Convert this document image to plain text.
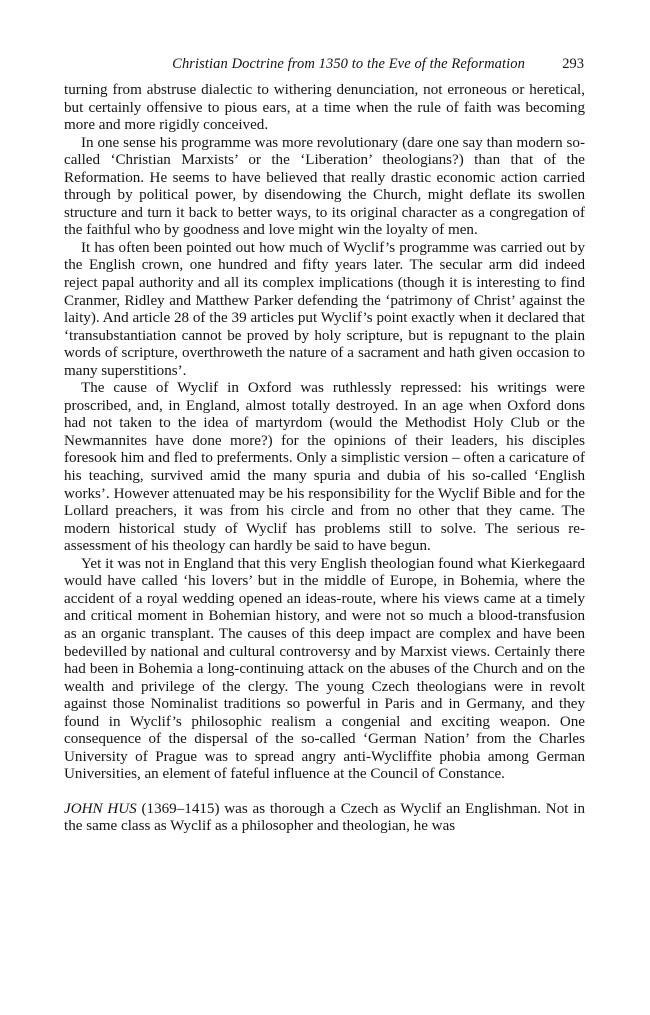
Christian Doctrine from 1350 to the Eve of the Reformation	293

turning from abstruse dialectic to withering denunciation, not erroneous or heretical, but certainly offensive to pious ears, at a time when the rule of faith was becoming more and more rigidly conceived.

In one sense his programme was more revolutionary (dare one say than modern so-called ‘Christian Marxists’ or the ‘Liberation’ theologians?) than that of the Reformation. He seems to have believed that really drastic economic action carried through by political power, by disendowing the Church, might deflate its swollen structure and turn it back to better ways, to its original character as a congregation of the faithful who by goodness and love might win the loyalty of men.

It has often been pointed out how much of Wyclif’s programme was carried out by the English crown, one hundred and fifty years later. The secular arm did indeed reject papal authority and all its complex implications (though it is interesting to find Cranmer, Ridley and Matthew Parker defending the ‘patrimony of Christ’ against the laity). And article 28 of the 39 articles put Wyclif’s point exactly when it declared that ‘transubstantiation cannot be proved by holy scripture, but is repugnant to the plain words of scripture, overthroweth the nature of a sacrament and hath given occasion to many superstitions’.

The cause of Wyclif in Oxford was ruthlessly repressed: his writings were proscribed, and, in England, almost totally destroyed. In an age when Oxford dons had not taken to the idea of martyrdom (would the Methodist Holy Club or the Newmannites have done more?) for the opinions of their leaders, his disciples foresook him and fled to preferments. Only a simplistic version – often a caricature of his teaching, survived amid the many spuria and dubia of his so-called ‘English works’. However attenuated may be his responsibility for the Wyclif Bible and for the Lollard preachers, it was from his circle and from no other that they came. The modern historical study of Wyclif has problems still to solve. The serious re-assessment of his theology can hardly be said to have begun.

Yet it was not in England that this very English theologian found what Kierkegaard would have called ‘his lovers’ but in the middle of Europe, in Bohemia, where the accident of a royal wedding opened an ideas-route, where his views came at a timely and critical moment in Bohemian history, and were not so much a blood-transfusion as an organic transplant. The causes of this deep impact are complex and have been bedevilled by national and cultural controversy and by Marxist views. Certainly there had been in Bohemia a long-continuing attack on the abuses of the Church and on the wealth and privilege of the clergy. The young Czech theologians were in revolt against those Nominalist traditions so powerful in Paris and in Germany, and they found in Wyclif’s philosophic realism a congenial and exciting weapon. One consequence of the dispersal of the so-called ‘German Nation’ from the Charles University of Prague was to spread angry anti-Wycliffite phobia among German Universities, an element of fateful influence at the Council of Constance.

JOHN HUS (1369–1415) was as thorough a Czech as Wyclif an Englishman. Not in the same class as Wyclif as a philosopher and theologian, he was
